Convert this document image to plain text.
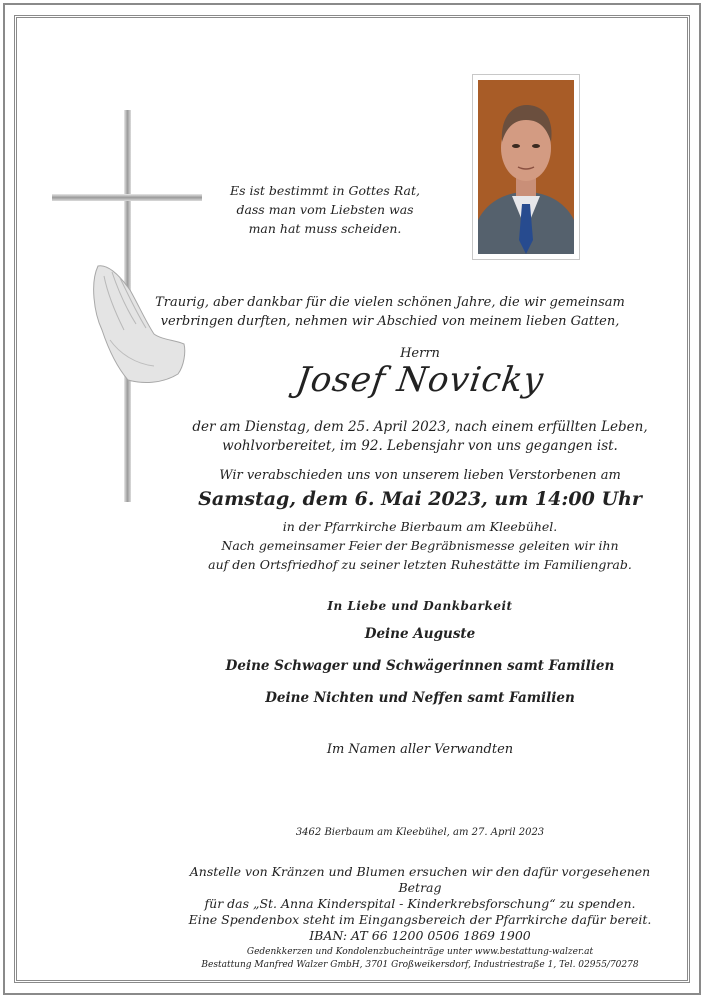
Es ist bestimmt in Gottes Rat,
dass man vom Liebsten was
man hat muss scheiden.

Traurig, aber dankbar für die vielen schönen Jahre, die wir gemeinsam
verbringen durften, nehmen wir Abschied von meinem lieben Gatten,

Herrn

Josef Novicky

der am Dienstag, dem 25. April 2023, nach einem erfüllten Leben,
wohlvorbereitet, im 92. Lebensjahr von uns gegangen ist.

Wir verabschieden uns von unserem lieben Verstorbenen am

Samstag, dem 6. Mai 2023, um 14:00 Uhr

in der Pfarrkirche Bierbaum am Kleebühel.
Nach gemeinsamer Feier der Begräbnismesse geleiten wir ihn
auf den Ortsfriedhof zu seiner letzten Ruhestätte im Familiengrab.

In Liebe und Dankbarkeit

Deine Auguste

Deine Schwager und Schwägerinnen samt Familien

Deine Nichten und Neffen samt Familien

Im Namen aller Verwandten

3462 Bierbaum am Kleebühel, am 27. April 2023

Anstelle von Kränzen und Blumen ersuchen wir den dafür vorgesehenen Betrag
für das „St. Anna Kinderspital - Kinderkrebsforschung“ zu spenden.
Eine Spendenbox steht im Eingangsbereich der Pfarrkirche dafür bereit.
IBAN: AT 66 1200 0506 1869 1900

Gedenkkerzen und Kondolenzbucheinträge unter www.bestattung-walzer.at
Bestattung Manfred Walzer GmbH, 3701 Großweikersdorf, Industriestraße 1, Tel. 02955/70278
